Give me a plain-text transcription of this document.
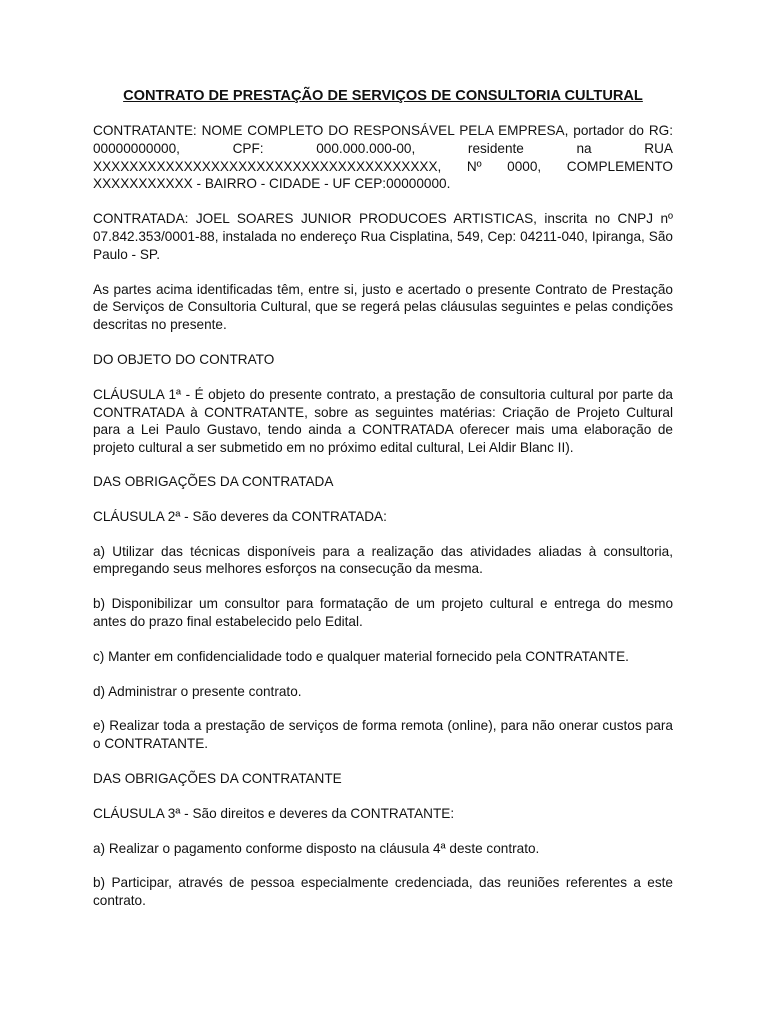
CONTRATO DE PRESTAÇÃO DE SERVIÇOS DE CONSULTORIA CULTURAL

CONTRATANTE: NOME COMPLETO DO RESPONSÁVEL PELA EMPRESA, portador do RG: 00000000000, CPF: 000.000.000-00, residente na RUA XXXXXXXXXXXXXXXXXXXXXXXXXXXXXXXXXXXXXX, Nº 0000, COMPLEMENTO XXXXXXXXXXX - BAIRRO - CIDADE - UF CEP:00000000.

CONTRATADA: JOEL SOARES JUNIOR PRODUCOES ARTISTICAS, inscrita no CNPJ nº 07.842.353/0001-88, instalada no endereço Rua Cisplatina, 549, Cep: 04211-040, Ipiranga, São Paulo - SP.

As partes acima identificadas têm, entre si, justo e acertado o presente Contrato de Prestação de Serviços de Consultoria Cultural, que se regerá pelas cláusulas seguintes e pelas condições descritas no presente.

DO OBJETO DO CONTRATO

CLÁUSULA 1ª - É objeto do presente contrato, a prestação de consultoria cultural por parte da CONTRATADA à CONTRATANTE, sobre as seguintes matérias: Criação de Projeto Cultural para a Lei Paulo Gustavo, tendo ainda a CONTRATADA oferecer mais uma elaboração de projeto cultural a ser submetido em no próximo edital cultural, Lei Aldir Blanc II).

DAS OBRIGAÇÕES DA CONTRATADA

CLÁUSULA 2ª - São deveres da CONTRATADA:

a) Utilizar das técnicas disponíveis para a realização das atividades aliadas à consultoria, empregando seus melhores esforços na consecução da mesma.

b) Disponibilizar um consultor para formatação de um projeto cultural e entrega do mesmo antes do prazo final estabelecido pelo Edital.

c) Manter em confidencialidade todo e qualquer material fornecido pela CONTRATANTE.

d) Administrar o presente contrato.

e) Realizar toda a prestação de serviços de forma remota (online), para não onerar custos para o CONTRATANTE.

DAS OBRIGAÇÕES DA CONTRATANTE

CLÁUSULA 3ª - São direitos e deveres da CONTRATANTE:

a) Realizar o pagamento conforme disposto na cláusula 4ª deste contrato.

b) Participar, através de pessoa especialmente credenciada, das reuniões referentes a este contrato.
